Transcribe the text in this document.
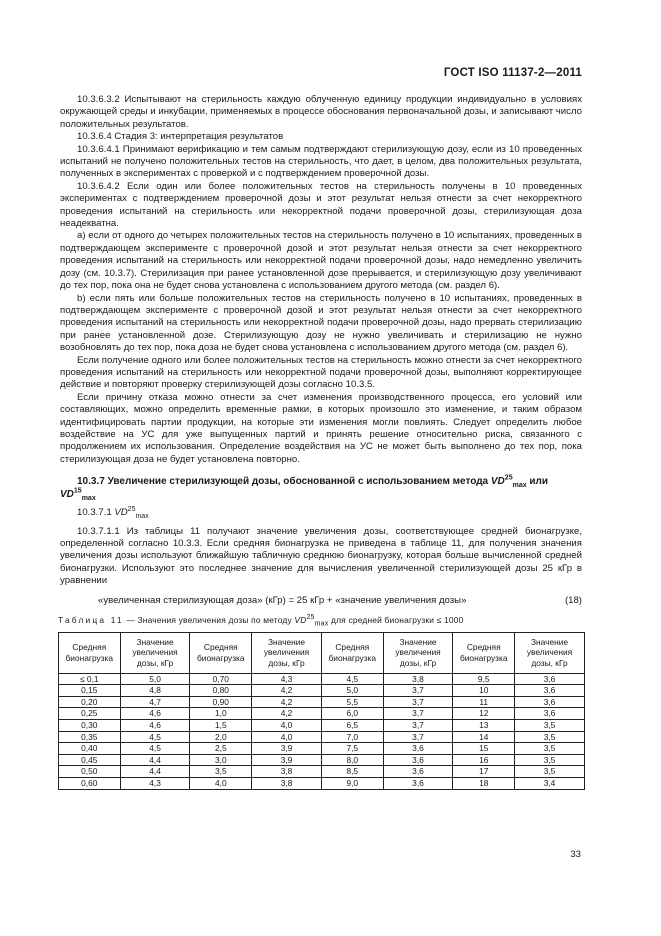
ГОСТ ISO 11137-2—2011

10.3.6.3.2 Испытывают на стерильность каждую облученную единицу продукции индивидуально в условиях окружающей среды и инкубации, применяемых в процессе обоснования первоначальной дозы, и записывают число положительных результатов.

10.3.6.4 Стадия 3: интерпретация результатов

10.3.6.4.1 Принимают верификацию и тем самым подтверждают стерилизующую дозу, если из 10 проведенных испытаний не получено положительных тестов на стерильность, что дает, в целом, два положительных результата, полученных в экспериментах с проверкой и с подтверждением проверочной дозы.

10.3.6.4.2 Если один или более положительных тестов на стерильность получены в 10 проведенных экспериментах с подтверждением проверочной дозы и этот результат нельзя отнести за счет некорректного проведения испытаний на стерильность или некорректной подачи проверочной дозы, стерилизующая доза неадекватна.

а) если от одного до четырех положительных тестов на стерильность получено в 10 испытаниях, проведенных в подтверждающем эксперименте с проверочной дозой и этот результат нельзя отнести за счет некорректного проведения испытаний на стерильность или некорректной подачи проверочной дозы, надо немедленно увеличить дозу (см. 10.3.7). Стерилизация при ранее установленной дозе прерывается, и стерилизующую дозу увеличивают до тех пор, пока она не будет снова установлена с использованием другого метода (см. раздел 6).

b) если пять или больше положительных тестов на стерильность получено в 10 испытаниях, проведенных в подтверждающем эксперименте с проверочной дозой и этот результат нельзя отнести за счет некорректного проведения испытаний на стерильность или некорректной подачи проверочной дозы, надо прервать стерилизацию при ранее установленной дозе. Стерилизующую дозу не нужно увеличивать и стерилизацию не нужно возобновлять до тех пор, пока доза не будет снова установлена с использованием другого метода (см. раздел 6).

Если получение одного или более положительных тестов на стерильность можно отнести за счет некорректного проведения испытаний на стерильность или некорректной подачи проверочной дозы, выполняют корректирующее действие и повторяют проверку стерилизующей дозы согласно 10.3.5.

Если причину отказа можно отнести за счет изменения производственного процесса, его условий или составляющих, можно определить временные рамки, в которых произошло это изменение, и таким образом идентифицировать партии продукции, на которые эти изменения могли повлиять. Следует определить любое воздействие на УС для уже выпущенных партий и принять решение относительно риска, связанного с продолжением их использования. Определение воздействия на УС не может быть выполнено до тех пор, пока стерилизующая доза не будет установлена повторно.

10.3.7 Увеличение стерилизующей дозы, обоснованной с использованием метода $VD^{25}_{max}$ или $VD^{15}_{max}$

10.3.7.1 $VD^{25}_{max}$

10.3.7.1.1 Из таблицы 11 получают значение увеличения дозы, соответствующее средней бионагрузке, определенной согласно 10.3.3. Если средняя бионагрузка не приведена в таблице 11, для получения значения увеличения дозы используют ближайшую табличную среднюю бионагрузку, которая больше вычисленной средней бионагрузки. Используют это последнее значение для вычисления увеличенной стерилизующей дозы 25 кГр в уравнении

«увеличенная стерилизующая доза» (кГр) = 25 кГр + «значение увеличения дозы»	(18)
Таблица 11 — Значения увеличения дозы по методу $VD^{25}_{max}$ для средней бионагрузки ≤ 1000
Средняя бионагрузка	Значение увеличения дозы, кГр	Средняя бионагрузка	Значение увеличения дозы, кГр	Средняя бионагрузка	Значение увеличения дозы, кГр	Средняя бионагрузка	Значение увеличения дозы, кГр
≤ 0,1	5,0	0,70	4,3	4,5	3,8	9,5	3,6
0,15	4,8	0,80	4,2	5,0	3,7	10	3,6
0,20	4,7	0,90	4,2	5,5	3,7	11	3,6
0,25	4,6	1,0	4,2	6,0	3,7	12	3,6
0,30	4,6	1,5	4,0	6,5	3,7	13	3,5
0,35	4,5	2,0	4,0	7,0	3,7	14	3,5
0,40	4,5	2,5	3,9	7,5	3,6	15	3,5
0,45	4,4	3,0	3,9	8,0	3,6	16	3,5
0,50	4,4	3,5	3,8	8,5	3,6	17	3,5
0,60	4,3	4,0	3,8	9,0	3,6	18	3,4
33
